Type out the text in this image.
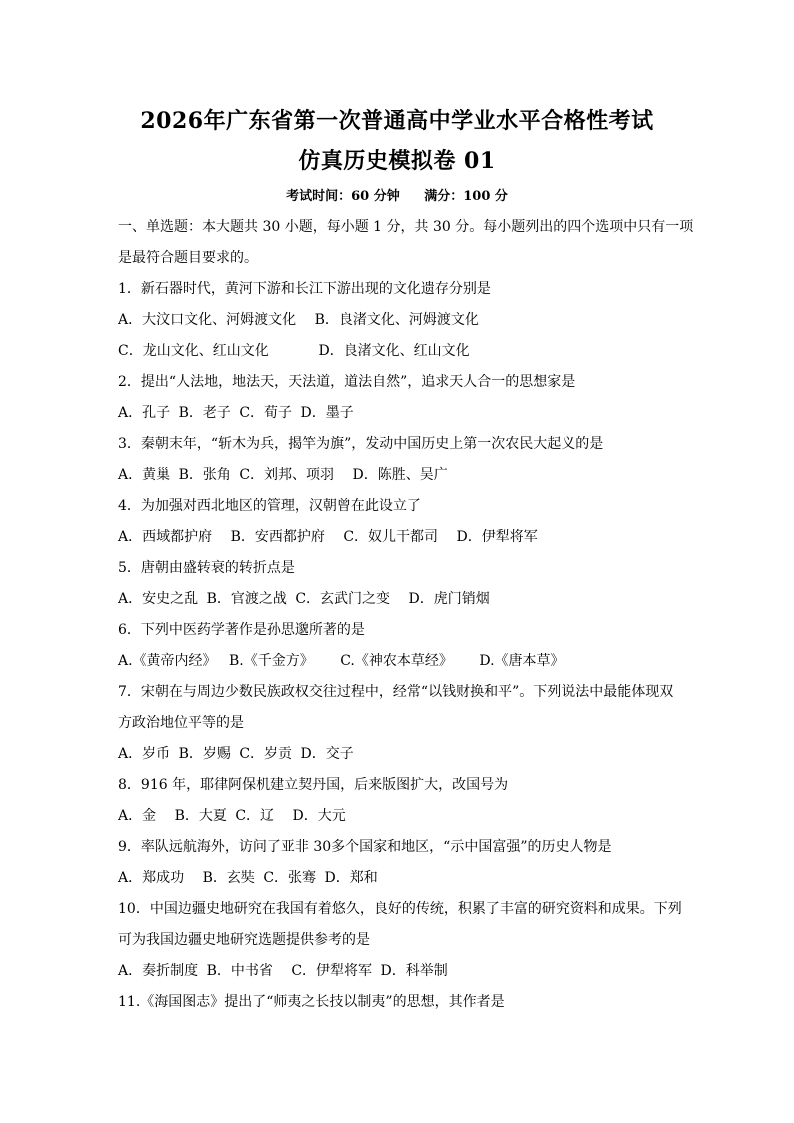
2026年广东省第一次普通高中学业水平合格性考试
仿真历史模拟卷 01
考试时间：60 分钟 满分：100 分
一、单选题：本大题共 30 小题，每小题 1 分，共 30 分。每小题列出的四个选项中只有一项
是最符合题目要求的。
1．新石器时代，黄河下游和长江下游出现的文化遗存分别是
A．大汶口文化、河姆渡文化 B．良渚文化、河姆渡文化
C．龙山文化、红山文化	D．良渚文化、红山文化
2．提出“人法地，地法天，天法道，道法自然”，追求天人合一的思想家是
A．孔子 B．老子 C．荀子 D．墨子
3．秦朝末年，“斩木为兵，揭竿为旗”，发动中国历史上第一次农民大起义的是
A．黄巢 B．张角 C．刘邦、项羽 D．陈胜、吴广
4．为加强对西北地区的管理，汉朝曾在此设立了
A．西域都护府 B．安西都护府 C．奴儿干都司 D．伊犁将军
5．唐朝由盛转衰的转折点是
A．安史之乱 B．官渡之战 C．玄武门之变 D．虎门销烟
6．下列中医药学著作是孙思邈所著的是
A.《黄帝内经》 B.《千金方》 C.《神农本草经》 D.《唐本草》
7．宋朝在与周边少数民族政权交往过程中，经常“以钱财换和平”。下列说法中最能体现双
方政治地位平等的是
A．岁币 B．岁赐 C．岁贡 D．交子
8．916 年，耶律阿保机建立契丹国，后来版图扩大，改国号为
A．金 B．大夏 C．辽 D．大元
9．率队远航海外，访问了亚非 30多个国家和地区，“示中国富强”的历史人物是
A．郑成功 B．玄奘 C．张骞 D．郑和
10．中国边疆史地研究在我国有着悠久，良好的传统，积累了丰富的研究资料和成果。下列
可为我国边疆史地研究选题提供参考的是
A．奏折制度 B．中书省 C．伊犁将军 D．科举制
11.《海国图志》提出了“师夷之长技以制夷”的思想，其作者是
